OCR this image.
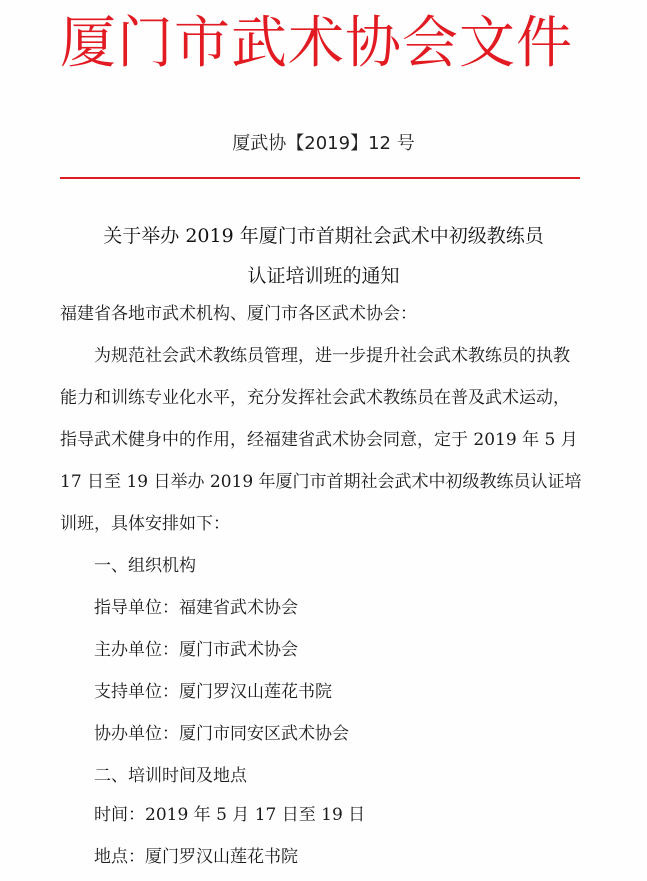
厦门市武术协会文件
厦武协【2019】12 号
关于举办 2019 年厦门市首期社会武术中初级教练员
认证培训班的通知
福建省各地市武术机构、厦门市各区武术协会：
为规范社会武术教练员管理，进一步提升社会武术教练员的执教
能力和训练专业化水平，充分发挥社会武术教练员在普及武术运动，
指导武术健身中的作用，经福建省武术协会同意，定于 2019 年 5 月
17 日至 19 日举办 2019 年厦门市首期社会武术中初级教练员认证培
训班，具体安排如下：
一、组织机构
指导单位：福建省武术协会
主办单位：厦门市武术协会
支持单位：厦门罗汉山莲花书院
协办单位：厦门市同安区武术协会
二、培训时间及地点
时间：2019 年 5 月 17 日至 19 日
地点：厦门罗汉山莲花书院
